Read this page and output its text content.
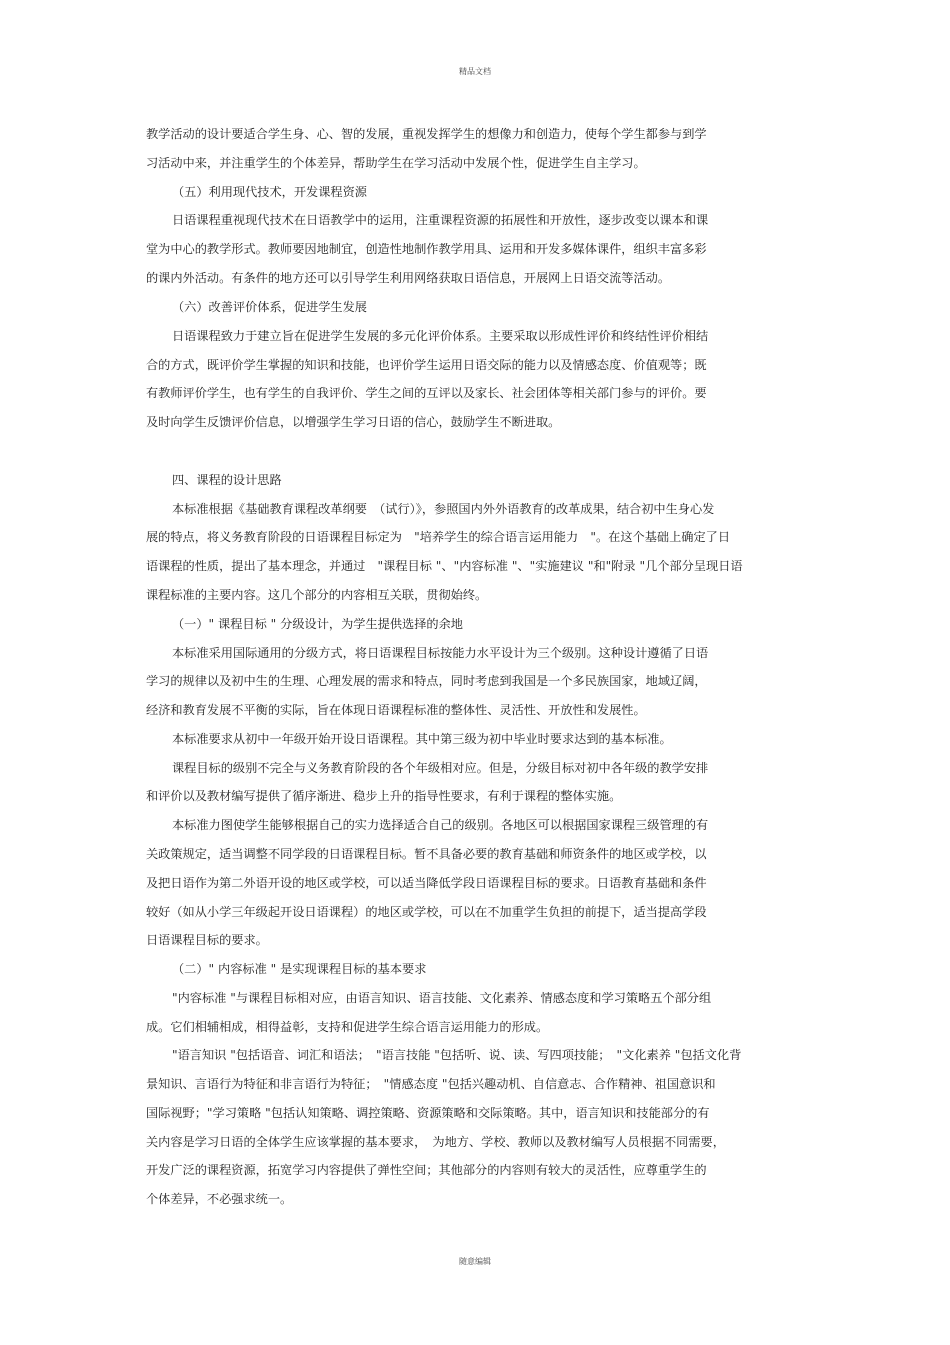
精品文档
教学活动的设计要适合学生身、心、智的发展，重视发挥学生的想像力和创造力，使每个学生都参与到学
习活动中来，并注重学生的个体差异，帮助学生在学习活动中发展个性，促进学生自主学习。
（五）利用现代技术，开发课程资源
日语课程重视现代技术在日语教学中的运用，注重课程资源的拓展性和开放性，逐步改变以课本和课
堂为中心的教学形式。教师要因地制宜，创造性地制作教学用具、运用和开发多媒体课件，组织丰富多彩
的课内外活动。有条件的地方还可以引导学生利用网络获取日语信息，开展网上日语交流等活动。
（六）改善评价体系，促进学生发展
日语课程致力于建立旨在促进学生发展的多元化评价体系。主要采取以形成性评价和终结性评价相结
合的方式，既评价学生掌握的知识和技能，也评价学生运用日语交际的能力以及情感态度、价值观等；既
有教师评价学生，也有学生的自我评价、学生之间的互评以及家长、社会团体等相关部门参与的评价。要
及时向学生反馈评价信息，以增强学生学习日语的信心，鼓励学生不断进取。
四、课程的设计思路
本标准根据《基础教育课程改革纲要　（试行）》，参照国内外外语教育的改革成果，结合初中生身心发
展的特点，将义务教育阶段的日语课程目标定为　"培养学生的综合语言运用能力　"。在这个基础上确定了日
语课程的性质，提出了基本理念，并通过　"课程目标 "、"内容标准 "、"实施建议 "和"附录 "几个部分呈现日语
课程标准的主要内容。这几个部分的内容相互关联，贯彻始终。
（一）" 课程目标 " 分级设计，为学生提供选择的余地
本标准采用国际通用的分级方式，将日语课程目标按能力水平设计为三个级别。这种设计遵循了日语
学习的规律以及初中生的生理、心理发展的需求和特点，同时考虑到我国是一个多民族国家，地域辽阔，
经济和教育发展不平衡的实际，旨在体现日语课程标准的整体性、灵活性、开放性和发展性。
本标准要求从初中一年级开始开设日语课程。其中第三级为初中毕业时要求达到的基本标准。
课程目标的级别不完全与义务教育阶段的各个年级相对应。但是，分级目标对初中各年级的教学安排
和评价以及教材编写提供了循序渐进、稳步上升的指导性要求，有利于课程的整体实施。
本标准力图使学生能够根据自己的实力选择适合自己的级别。各地区可以根据国家课程三级管理的有
关政策规定，适当调整不同学段的日语课程目标。暂不具备必要的教育基础和师资条件的地区或学校，以
及把日语作为第二外语开设的地区或学校，可以适当降低学段日语课程目标的要求。日语教育基础和条件
较好（如从小学三年级起开设日语课程）的地区或学校，可以在不加重学生负担的前提下，适当提高学段
日语课程目标的要求。
（二）" 内容标准 " 是实现课程目标的基本要求
"内容标准 "与课程目标相对应，由语言知识、语言技能、文化素养、情感态度和学习策略五个部分组
成。它们相辅相成，相得益彰，支持和促进学生综合语言运用能力的形成。
"语言知识 "包括语音、词汇和语法；　"语言技能 "包括听、说、读、写四项技能；　"文化素养 "包括文化背
景知识、言语行为特征和非言语行为特征；　"情感态度 "包括兴趣动机、自信意志、合作精神、祖国意识和
国际视野；"学习策略 "包括认知策略、调控策略、资源策略和交际策略。其中，语言知识和技能部分的有
关内容是学习日语的全体学生应该掌握的基本要求，　为地方、学校、教师以及教材编写人员根据不同需要，
开发广泛的课程资源，拓宽学习内容提供了弹性空间；其他部分的内容则有较大的灵活性，应尊重学生的
个体差异，不必强求统一。
随意编辑
